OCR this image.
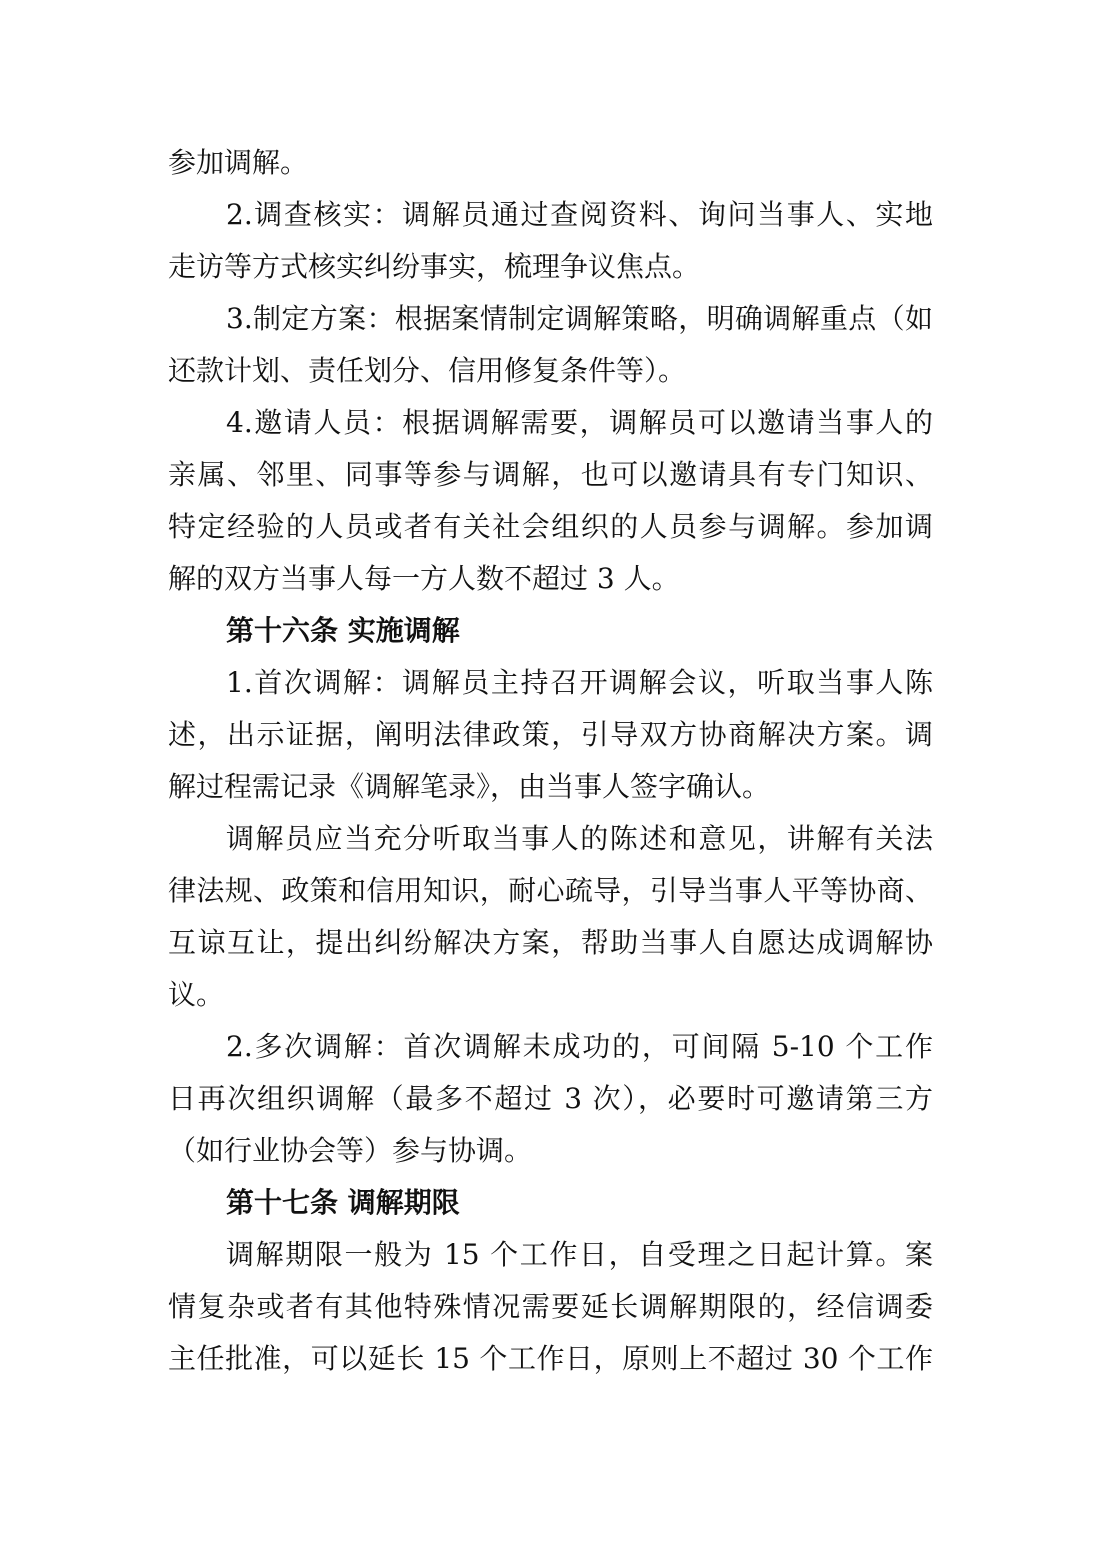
参加调解。
2.调查核实：调解员通过查阅资料、询问当事人、实地
走访等方式核实纠纷事实，梳理争议焦点。
3.制定方案：根据案情制定调解策略，明确调解重点（如
还款计划、责任划分、信用修复条件等）。
4.邀请人员：根据调解需要，调解员可以邀请当事人的
亲属、邻里、同事等参与调解，也可以邀请具有专门知识、
特定经验的人员或者有关社会组织的人员参与调解。参加调
解的双方当事人每一方人数不超过 3 人。
第十六条 实施调解
1.首次调解：调解员主持召开调解会议，听取当事人陈
述，出示证据，阐明法律政策，引导双方协商解决方案。调
解过程需记录《调解笔录》，由当事人签字确认。
调解员应当充分听取当事人的陈述和意见，讲解有关法
律法规、政策和信用知识，耐心疏导，引导当事人平等协商、
互谅互让，提出纠纷解决方案，帮助当事人自愿达成调解协
议。
2.多次调解：首次调解未成功的，可间隔 5-10 个工作
日再次组织调解（最多不超过 3 次），必要时可邀请第三方
（如行业协会等）参与协调。
第十七条 调解期限
调解期限一般为 15 个工作日，自受理之日起计算。案
情复杂或者有其他特殊情况需要延长调解期限的，经信调委
主任批准，可以延长 15 个工作日，原则上不超过 30 个工作
